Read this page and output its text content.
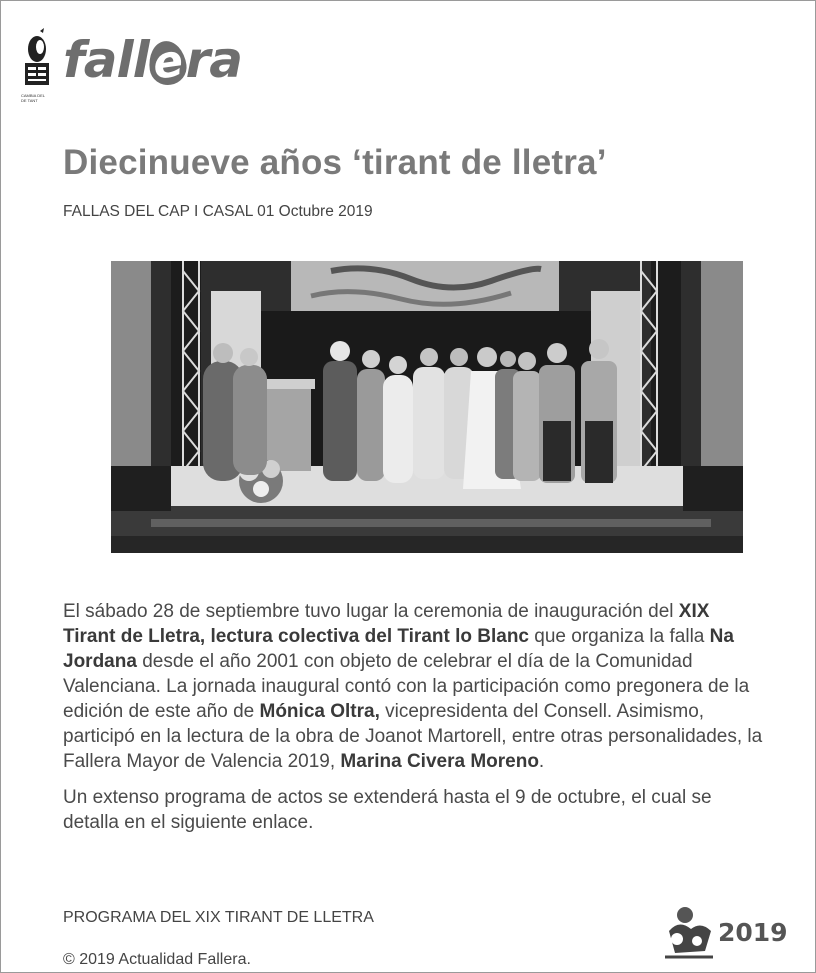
fallera
CAMBIA DEL
DE TANT
Diecinueve años ‘tirant de lletra’
FALLAS DEL CAP I CASAL 01 Octubre 2019

El sábado 28 de septiembre tuvo lugar la ceremonia de inauguración del XIX Tirant de Lletra, lectura colectiva del Tirant lo Blanc que organiza la falla Na Jordana desde el año 2001 con objeto de celebrar el día de la Comunidad Valenciana. La jornada inaugural contó con la participación como pregonera de la edición de este año de Mónica Oltra, vicepresidenta del Consell. Asimismo, participó en la lectura de la obra de Joanot Martorell, entre otras personalidades, la Fallera Mayor de Valencia 2019, Marina Civera Moreno.

Un extenso programa de actos se extenderá hasta el 9 de octubre, el cual se detalla en el siguiente enlace.

PROGRAMA DEL XIX TIRANT DE LLETRA
© 2019 Actualidad Fallera.
2019
